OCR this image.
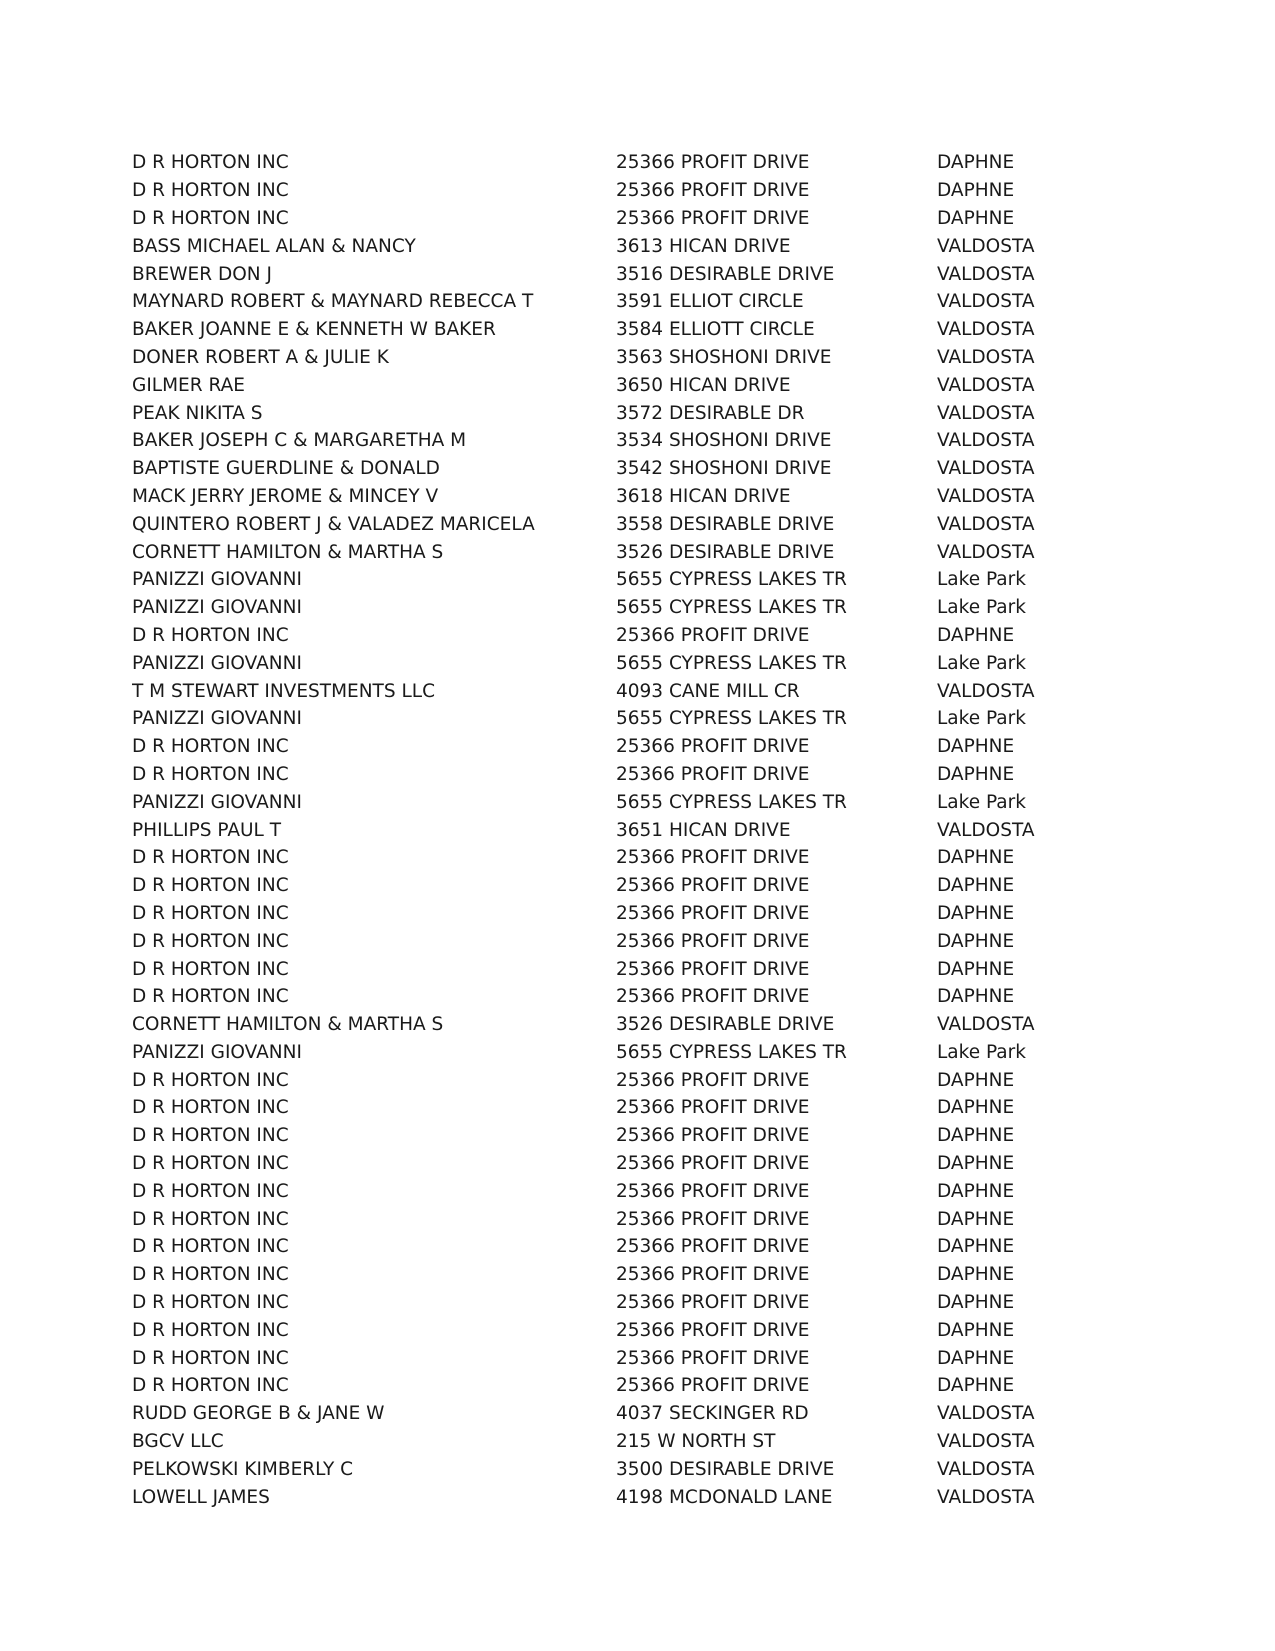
D R HORTON INC	25366 PROFIT DRIVE	DAPHNE
D R HORTON INC	25366 PROFIT DRIVE	DAPHNE
D R HORTON INC	25366 PROFIT DRIVE	DAPHNE
BASS MICHAEL ALAN & NANCY	3613 HICAN DRIVE	VALDOSTA
BREWER DON J	3516 DESIRABLE DRIVE	VALDOSTA
MAYNARD ROBERT & MAYNARD REBECCA T	3591 ELLIOT CIRCLE	VALDOSTA
BAKER JOANNE E & KENNETH W BAKER	3584 ELLIOTT CIRCLE	VALDOSTA
DONER ROBERT A & JULIE K	3563 SHOSHONI DRIVE	VALDOSTA
GILMER RAE	3650 HICAN DRIVE	VALDOSTA
PEAK NIKITA S	3572 DESIRABLE DR	VALDOSTA
BAKER JOSEPH C & MARGARETHA M	3534 SHOSHONI DRIVE	VALDOSTA
BAPTISTE GUERDLINE & DONALD	3542 SHOSHONI DRIVE	VALDOSTA
MACK JERRY JEROME & MINCEY V	3618 HICAN DRIVE	VALDOSTA
QUINTERO ROBERT J & VALADEZ MARICELA	3558 DESIRABLE DRIVE	VALDOSTA
CORNETT HAMILTON & MARTHA S	3526 DESIRABLE DRIVE	VALDOSTA
PANIZZI GIOVANNI	5655 CYPRESS LAKES TR	Lake Park
PANIZZI GIOVANNI	5655 CYPRESS LAKES TR	Lake Park
D R HORTON INC	25366 PROFIT DRIVE	DAPHNE
PANIZZI GIOVANNI	5655 CYPRESS LAKES TR	Lake Park
T M STEWART INVESTMENTS LLC	4093 CANE MILL CR	VALDOSTA
PANIZZI GIOVANNI	5655 CYPRESS LAKES TR	Lake Park
D R HORTON INC	25366 PROFIT DRIVE	DAPHNE
D R HORTON INC	25366 PROFIT DRIVE	DAPHNE
PANIZZI GIOVANNI	5655 CYPRESS LAKES TR	Lake Park
PHILLIPS PAUL T	3651 HICAN DRIVE	VALDOSTA
D R HORTON INC	25366 PROFIT DRIVE	DAPHNE
D R HORTON INC	25366 PROFIT DRIVE	DAPHNE
D R HORTON INC	25366 PROFIT DRIVE	DAPHNE
D R HORTON INC	25366 PROFIT DRIVE	DAPHNE
D R HORTON INC	25366 PROFIT DRIVE	DAPHNE
D R HORTON INC	25366 PROFIT DRIVE	DAPHNE
CORNETT HAMILTON & MARTHA S	3526 DESIRABLE DRIVE	VALDOSTA
PANIZZI GIOVANNI	5655 CYPRESS LAKES TR	Lake Park
D R HORTON INC	25366 PROFIT DRIVE	DAPHNE
D R HORTON INC	25366 PROFIT DRIVE	DAPHNE
D R HORTON INC	25366 PROFIT DRIVE	DAPHNE
D R HORTON INC	25366 PROFIT DRIVE	DAPHNE
D R HORTON INC	25366 PROFIT DRIVE	DAPHNE
D R HORTON INC	25366 PROFIT DRIVE	DAPHNE
D R HORTON INC	25366 PROFIT DRIVE	DAPHNE
D R HORTON INC	25366 PROFIT DRIVE	DAPHNE
D R HORTON INC	25366 PROFIT DRIVE	DAPHNE
D R HORTON INC	25366 PROFIT DRIVE	DAPHNE
D R HORTON INC	25366 PROFIT DRIVE	DAPHNE
D R HORTON INC	25366 PROFIT DRIVE	DAPHNE
RUDD GEORGE B & JANE W	4037 SECKINGER RD	VALDOSTA
BGCV LLC	215 W NORTH ST	VALDOSTA
PELKOWSKI KIMBERLY C	3500 DESIRABLE DRIVE	VALDOSTA
LOWELL JAMES	4198 MCDONALD LANE	VALDOSTA
